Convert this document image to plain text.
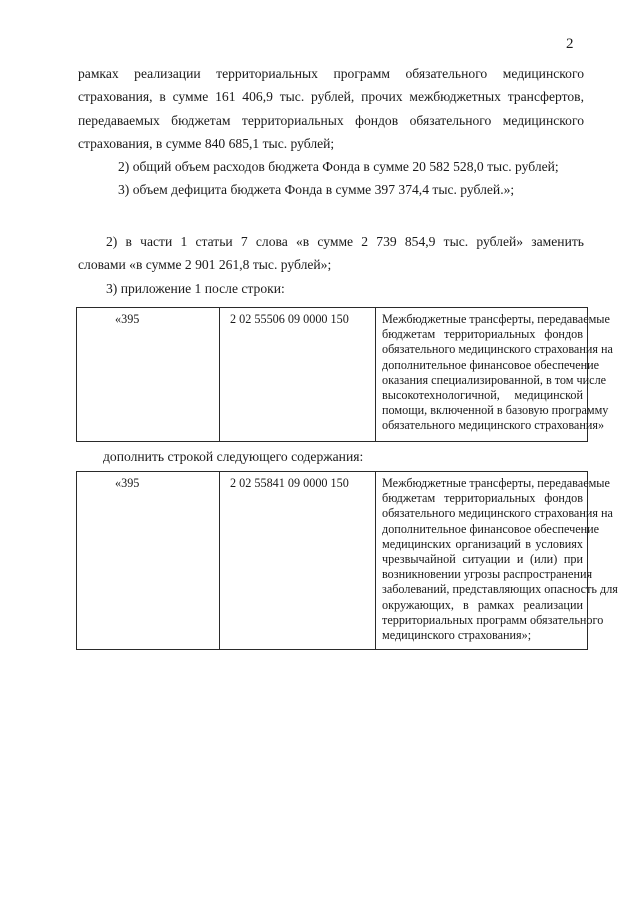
2
рамках реализации территориальных программ обязательного медицинского
страхования, в сумме 161 406,9 тыс. рублей, прочих межбюджетных трансфертов,
передаваемых бюджетам территориальных фондов обязательного медицинского
страхования, в сумме 840 685,1 тыс. рублей;
2) общий объем расходов бюджета Фонда в сумме 20 582 528,0 тыс. рублей;
3) объем дефицита бюджета Фонда в сумме 397 374,4 тыс. рублей.»;
2) в части 1 статьи 7 слова «в сумме 2 739 854,9 тыс. рублей» заменить
словами «в сумме 2 901 261,8 тыс. рублей»;
3) приложение 1 после строки:
«395	2 02 55506 09 0000 150	Межбюджетные трансферты, передаваемые
бюджетам территориальных фондов
обязательного медицинского страхования на
дополнительное финансовое обеспечение
оказания специализированной, в том числе
высокотехнологичной, медицинской
помощи, включенной в базовую программу
обязательного медицинского страхования»
дополнить строкой следующего содержания:
«395	2 02 55841 09 0000 150	Межбюджетные трансферты, передаваемые
бюджетам территориальных фондов
обязательного медицинского страхования на
дополнительное финансовое обеспечение
медицинских организаций в условиях
чрезвычайной ситуации и (или) при
возникновении угрозы распространения
заболеваний, представляющих опасность для
окружающих, в рамках реализации
территориальных программ обязательного
медицинского страхования»;
